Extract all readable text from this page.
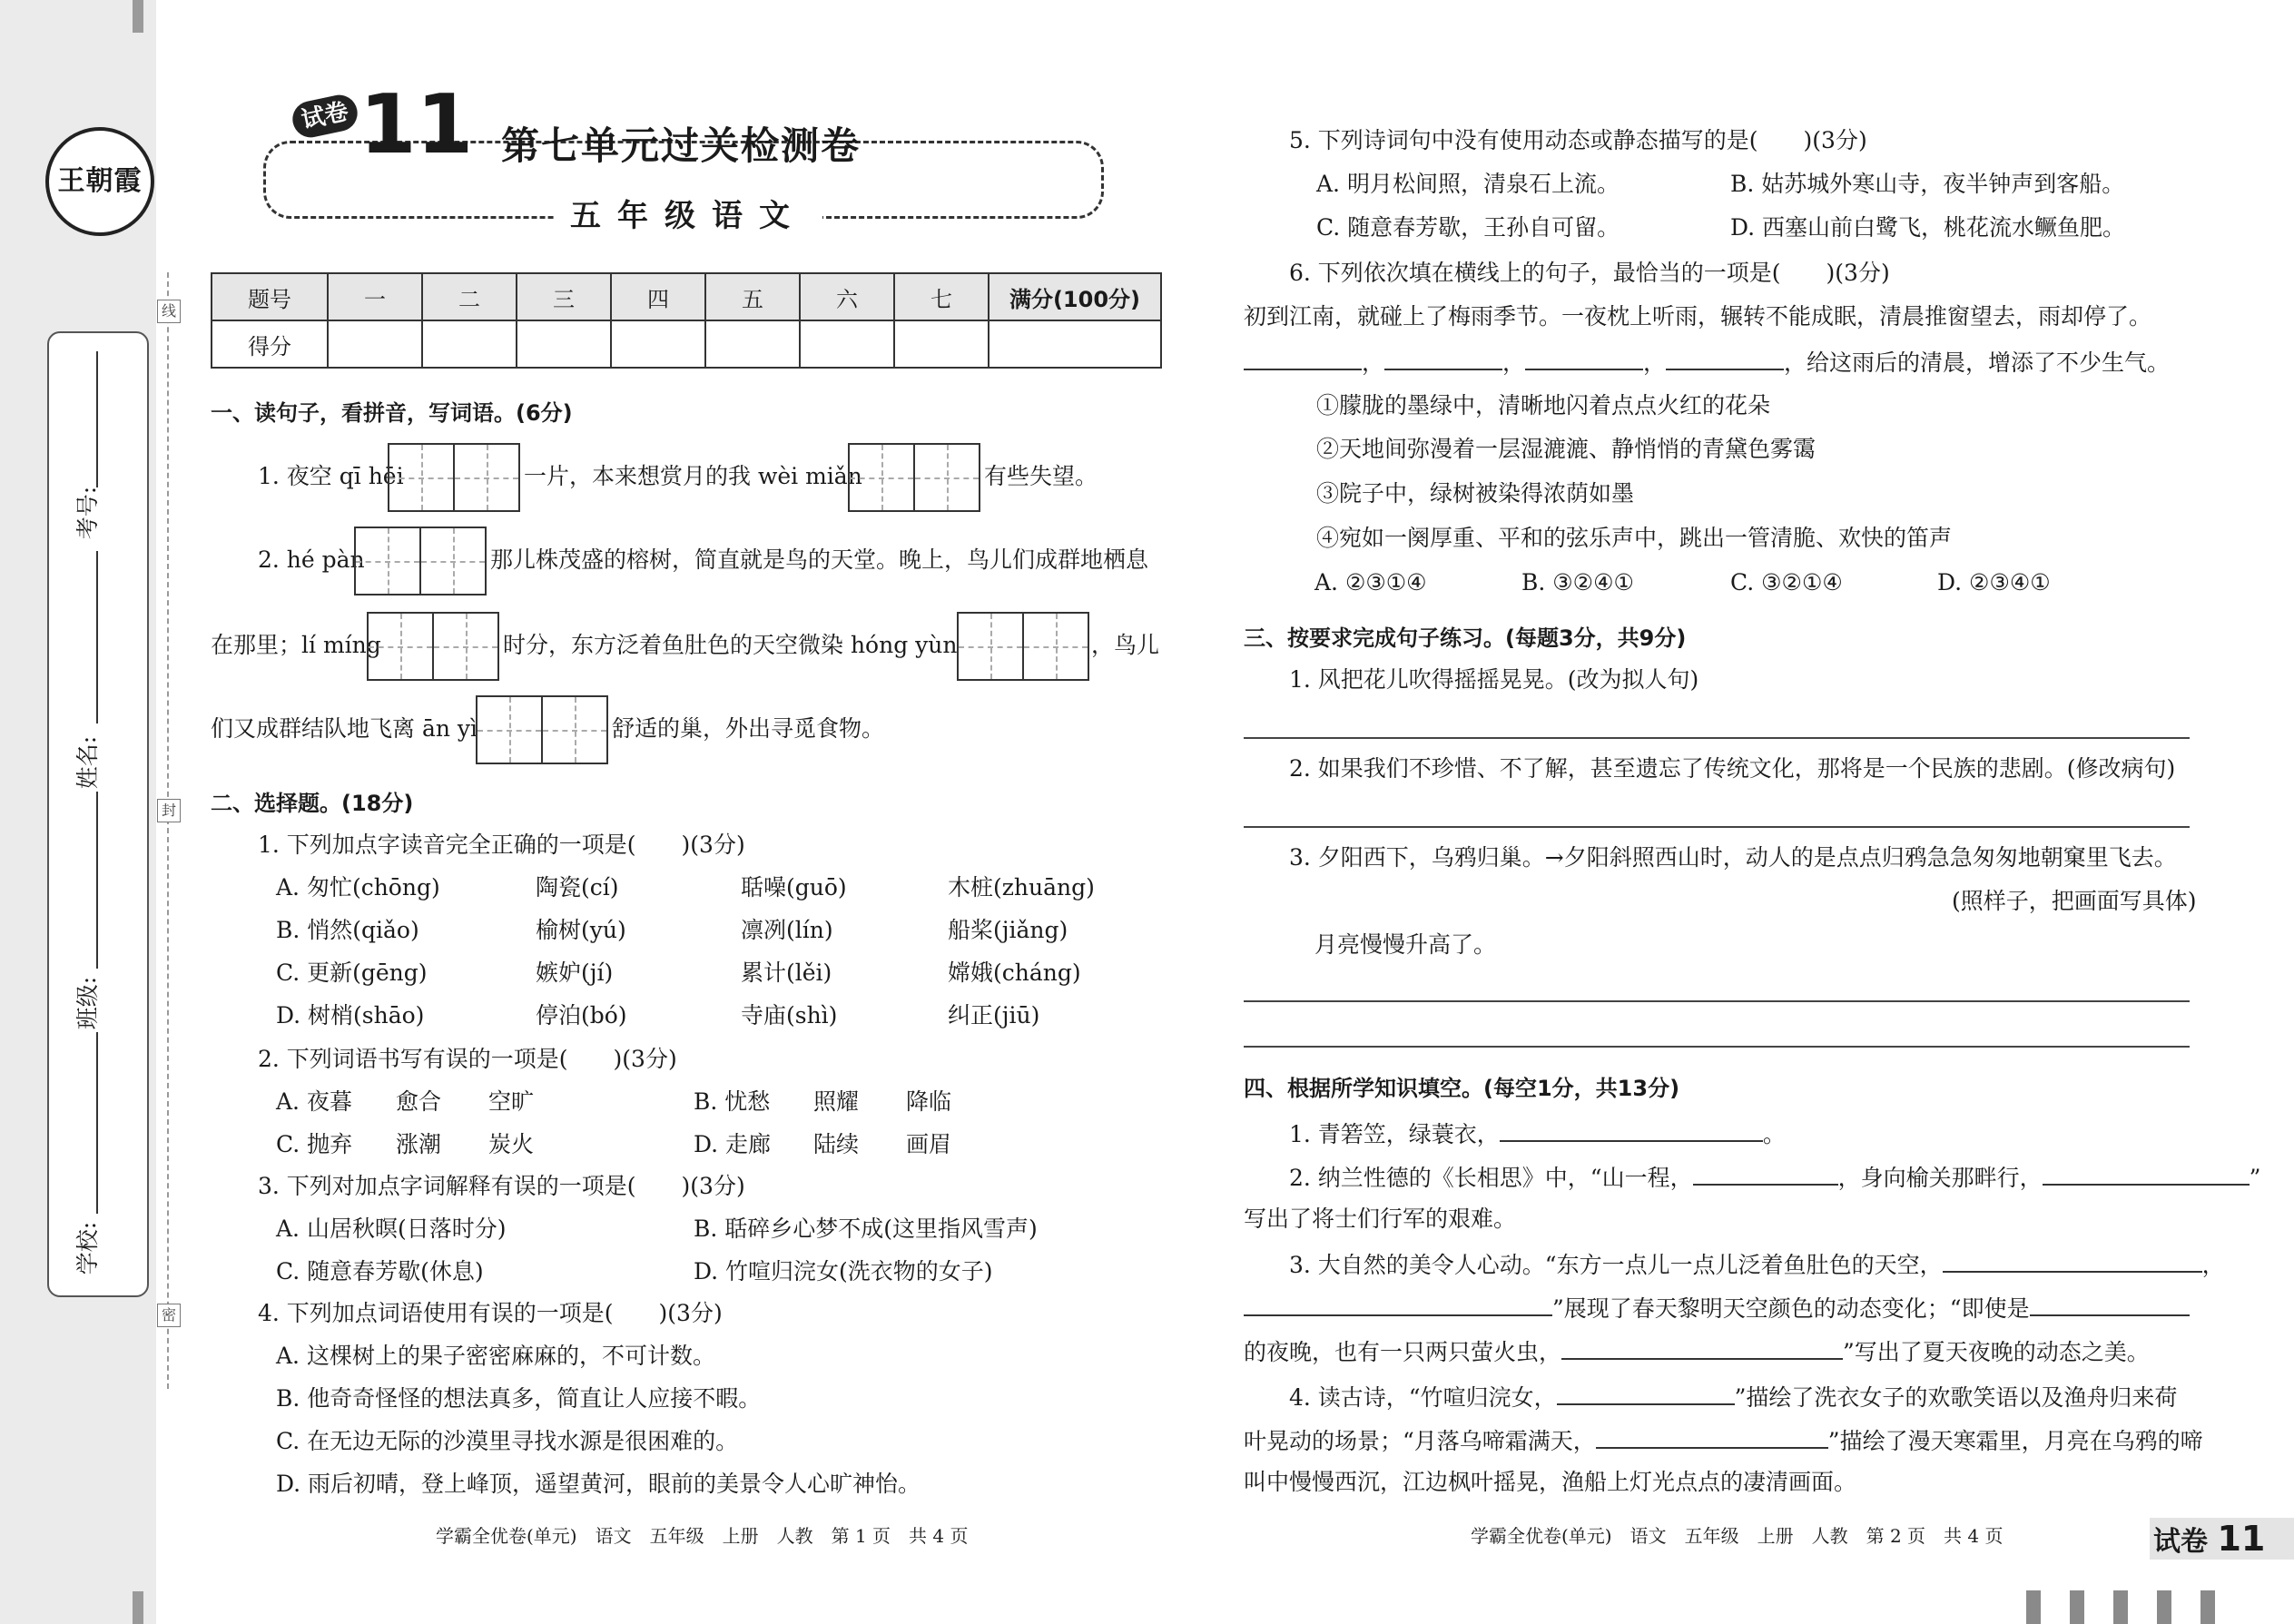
线
封
密
考号:
姓名:
班级:
学校:
王朝霞
试卷 11 第七单元过关检测卷
五年级语文
题号	一	二	三	四	五	六	七	满分(100分)
得分								
一、读句子，看拼音，写词语。(6分)
1. 夜空 qī hēi	一片，本来想赏月的我 wèi miǎn	有些失望。
2. hé pàn	那儿株茂盛的榕树，简直就是鸟的天堂。晚上，鸟儿们成群地栖息
在那里；lí míng	时分，东方泛着鱼肚色的天空微染 hóng yùn	，鸟儿
们又成群结队地飞离 ān yì	舒适的巢，外出寻觅食物。
二、选择题。(18分)
1. 下列加点字读音完全正确的一项是(　　)(3分)
A. 匆忙(chōng)	陶瓷(cí)	聒噪(guō)	木桩(zhuāng)
B. 悄然(qiǎo)	榆树(yú)	凛冽(lín)	船桨(jiǎng)
C. 更新(gēng)	嫉妒(jí)	累计(lěi)	嫦娥(cháng)
D. 树梢(shāo)	停泊(bó)	寺庙(shì)	纠正(jiū)
2. 下列词语书写有误的一项是(　　)(3分)
A. 夜暮 愈合 空旷	B. 忧愁 照耀 降临
C. 抛弃 涨潮 炭火	D. 走廊 陆续 画眉
3. 下列对加点字词解释有误的一项是(　　)(3分)
A. 山居秋暝(日落时分)	B. 聒碎乡心梦不成(这里指风雪声)
C. 随意春芳歇(休息)	D. 竹喧归浣女(洗衣物的女子)
4. 下列加点词语使用有误的一项是(　　)(3分)
A. 这棵树上的果子密密麻麻的，不可计数。
B. 他奇奇怪怪的想法真多，简直让人应接不暇。
C. 在无边无际的沙漠里寻找水源是很困难的。
D. 雨后初晴，登上峰顶，遥望黄河，眼前的美景令人心旷神怡。
学霸全优卷(单元)　语文　五年级　上册　人教　第 1 页　共 4 页
5. 下列诗词句中没有使用动态或静态描写的是(　　)(3分)
A. 明月松间照，清泉石上流。	B. 姑苏城外寒山寺，夜半钟声到客船。
C. 随意春芳歇，王孙自可留。	D. 西塞山前白鹭飞，桃花流水鳜鱼肥。
6. 下列依次填在横线上的句子，最恰当的一项是(　　)(3分)
初到江南，就碰上了梅雨季节。一夜枕上听雨，辗转不能成眠，清晨推窗望去，雨却停了。
，	，	，	，给这雨后的清晨，增添了不少生气。
①朦胧的墨绿中，清晰地闪着点点火红的花朵
②天地间弥漫着一层湿漉漉、静悄悄的青黛色雾霭
③院子中，绿树被染得浓荫如墨
④宛如一阕厚重、平和的弦乐声中，跳出一管清脆、欢快的笛声
A. ②③①④	B. ③②④①	C. ③②①④	D. ②③④①
三、按要求完成句子练习。(每题3分，共9分)
1. 风把花儿吹得摇摇晃晃。(改为拟人句)
2. 如果我们不珍惜、不了解，甚至遗忘了传统文化，那将是一个民族的悲剧。(修改病句)
3. 夕阳西下，乌鸦归巢。→夕阳斜照西山时，动人的是点点归鸦急急匆匆地朝窠里飞去。
(照样子，把画面写具体)
月亮慢慢升高了。
四、根据所学知识填空。(每空1分，共13分)
1. 青箬笠，绿蓑衣，	。
2. 纳兰性德的《长相思》中，“山一程，	，身向榆关那畔行，	”
写出了将士们行军的艰难。
3. 大自然的美令人心动。“东方一点儿一点儿泛着鱼肚色的天空，	，
”展现了春天黎明天空颜色的动态变化；“即使是
的夜晚，也有一只两只萤火虫，	”写出了夏天夜晚的动态之美。
4. 读古诗，“竹喧归浣女，	”描绘了洗衣女子的欢歌笑语以及渔舟归来荷
叶晃动的场景；“月落乌啼霜满天，	”描绘了漫天寒霜里，月亮在乌鸦的啼
叫中慢慢西沉，江边枫叶摇晃，渔船上灯光点点的凄清画面。
学霸全优卷(单元)　语文　五年级　上册　人教　第 2 页　共 4 页	试卷 11
